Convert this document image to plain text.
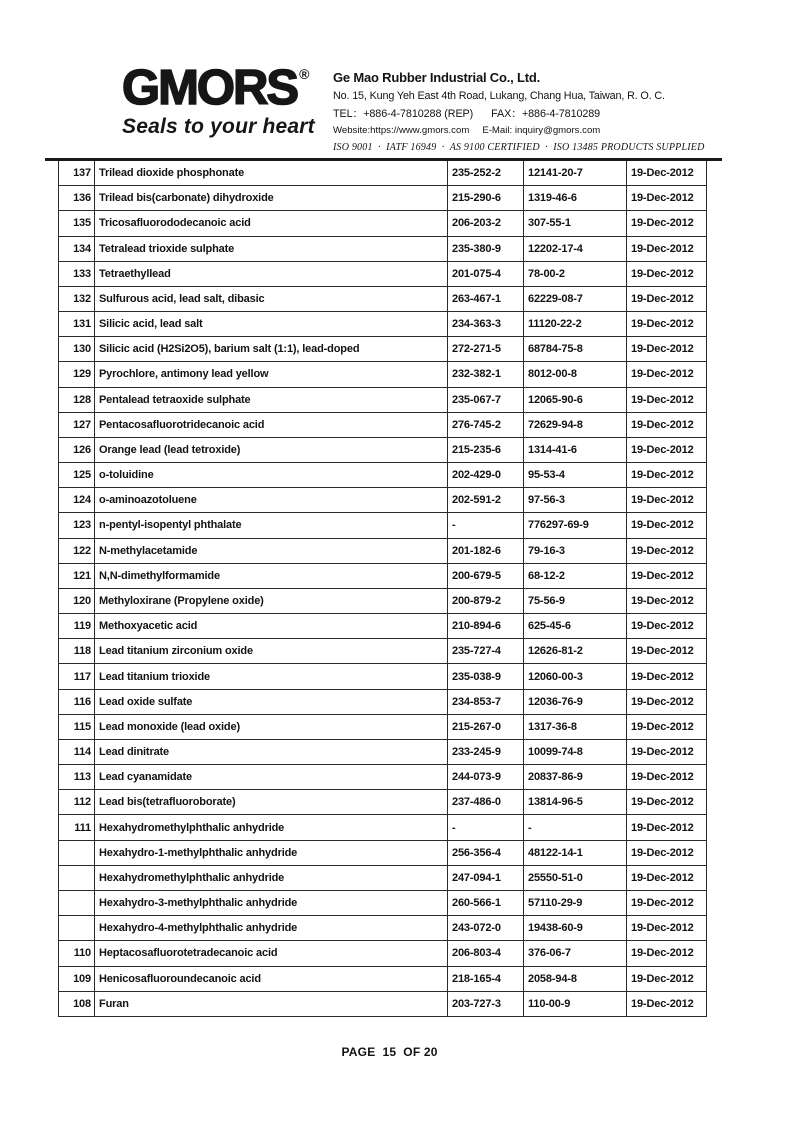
GMORS ®
Seals to your heart
Ge Mao Rubber Industrial Co., Ltd.
No. 15, Kung Yeh East 4th Road, Lukang, Chang Hua, Taiwan, R. O. C.
TEL：+886-4-7810288 (REP) FAX：+886-4-7810289
Website:https://www.gmors.com E-Mail: inquiry@gmors.com
ISO 9001  ·  IATF 16949  ·  AS 9100 CERTIFIED  ·  ISO 13485 PRODUCTS SUPPLIED
137 Trilead dioxide phosphonate	235-252-2	12141-20-7	19-Dec-2012
136 Trilead bis(carbonate) dihydroxide	215-290-6	1319-46-6	19-Dec-2012
135 Tricosafluorododecanoic acid	206-203-2	307-55-1	19-Dec-2012
134 Tetralead trioxide sulphate	235-380-9	12202-17-4	19-Dec-2012
133 Tetraethyllead	201-075-4	78-00-2	19-Dec-2012
132 Sulfurous acid, lead salt, dibasic	263-467-1	62229-08-7	19-Dec-2012
131 Silicic acid, lead salt	234-363-3	11120-22-2	19-Dec-2012
130 Silicic acid (H2Si2O5), barium salt (1:1), lead-doped	272-271-5	68784-75-8	19-Dec-2012
129 Pyrochlore, antimony lead yellow	232-382-1	8012-00-8	19-Dec-2012
128 Pentalead tetraoxide sulphate	235-067-7	12065-90-6	19-Dec-2012
127 Pentacosafluorotridecanoic acid	276-745-2	72629-94-8	19-Dec-2012
126 Orange lead (lead tetroxide)	215-235-6	1314-41-6	19-Dec-2012
125 o-toluidine	202-429-0	95-53-4	19-Dec-2012
124 o-aminoazotoluene	202-591-2	97-56-3	19-Dec-2012
123 n-pentyl-isopentyl phthalate	-	776297-69-9	19-Dec-2012
122 N-methylacetamide	201-182-6	79-16-3	19-Dec-2012
121 N,N-dimethylformamide	200-679-5	68-12-2	19-Dec-2012
120 Methyloxirane (Propylene oxide)	200-879-2	75-56-9	19-Dec-2012
119 Methoxyacetic acid	210-894-6	625-45-6	19-Dec-2012
118 Lead titanium zirconium oxide	235-727-4	12626-81-2	19-Dec-2012
117 Lead titanium trioxide	235-038-9	12060-00-3	19-Dec-2012
116 Lead oxide sulfate	234-853-7	12036-76-9	19-Dec-2012
115 Lead monoxide (lead oxide)	215-267-0	1317-36-8	19-Dec-2012
114 Lead dinitrate	233-245-9	10099-74-8	19-Dec-2012
113 Lead cyanamidate	244-073-9	20837-86-9	19-Dec-2012
112 Lead bis(tetrafluoroborate)	237-486-0	13814-96-5	19-Dec-2012
111 Hexahydromethylphthalic anhydride	-	-	19-Dec-2012
Hexahydro-1-methylphthalic anhydride	256-356-4	48122-14-1	19-Dec-2012
Hexahydromethylphthalic anhydride	247-094-1	25550-51-0	19-Dec-2012
Hexahydro-3-methylphthalic anhydride	260-566-1	57110-29-9	19-Dec-2012
Hexahydro-4-methylphthalic anhydride	243-072-0	19438-60-9	19-Dec-2012
110 Heptacosafluorotetradecanoic acid	206-803-4	376-06-7	19-Dec-2012
109 Henicosafluoroundecanoic acid	218-165-4	2058-94-8	19-Dec-2012
108 Furan	203-727-3	110-00-9	19-Dec-2012

PAGE  15  OF 20
